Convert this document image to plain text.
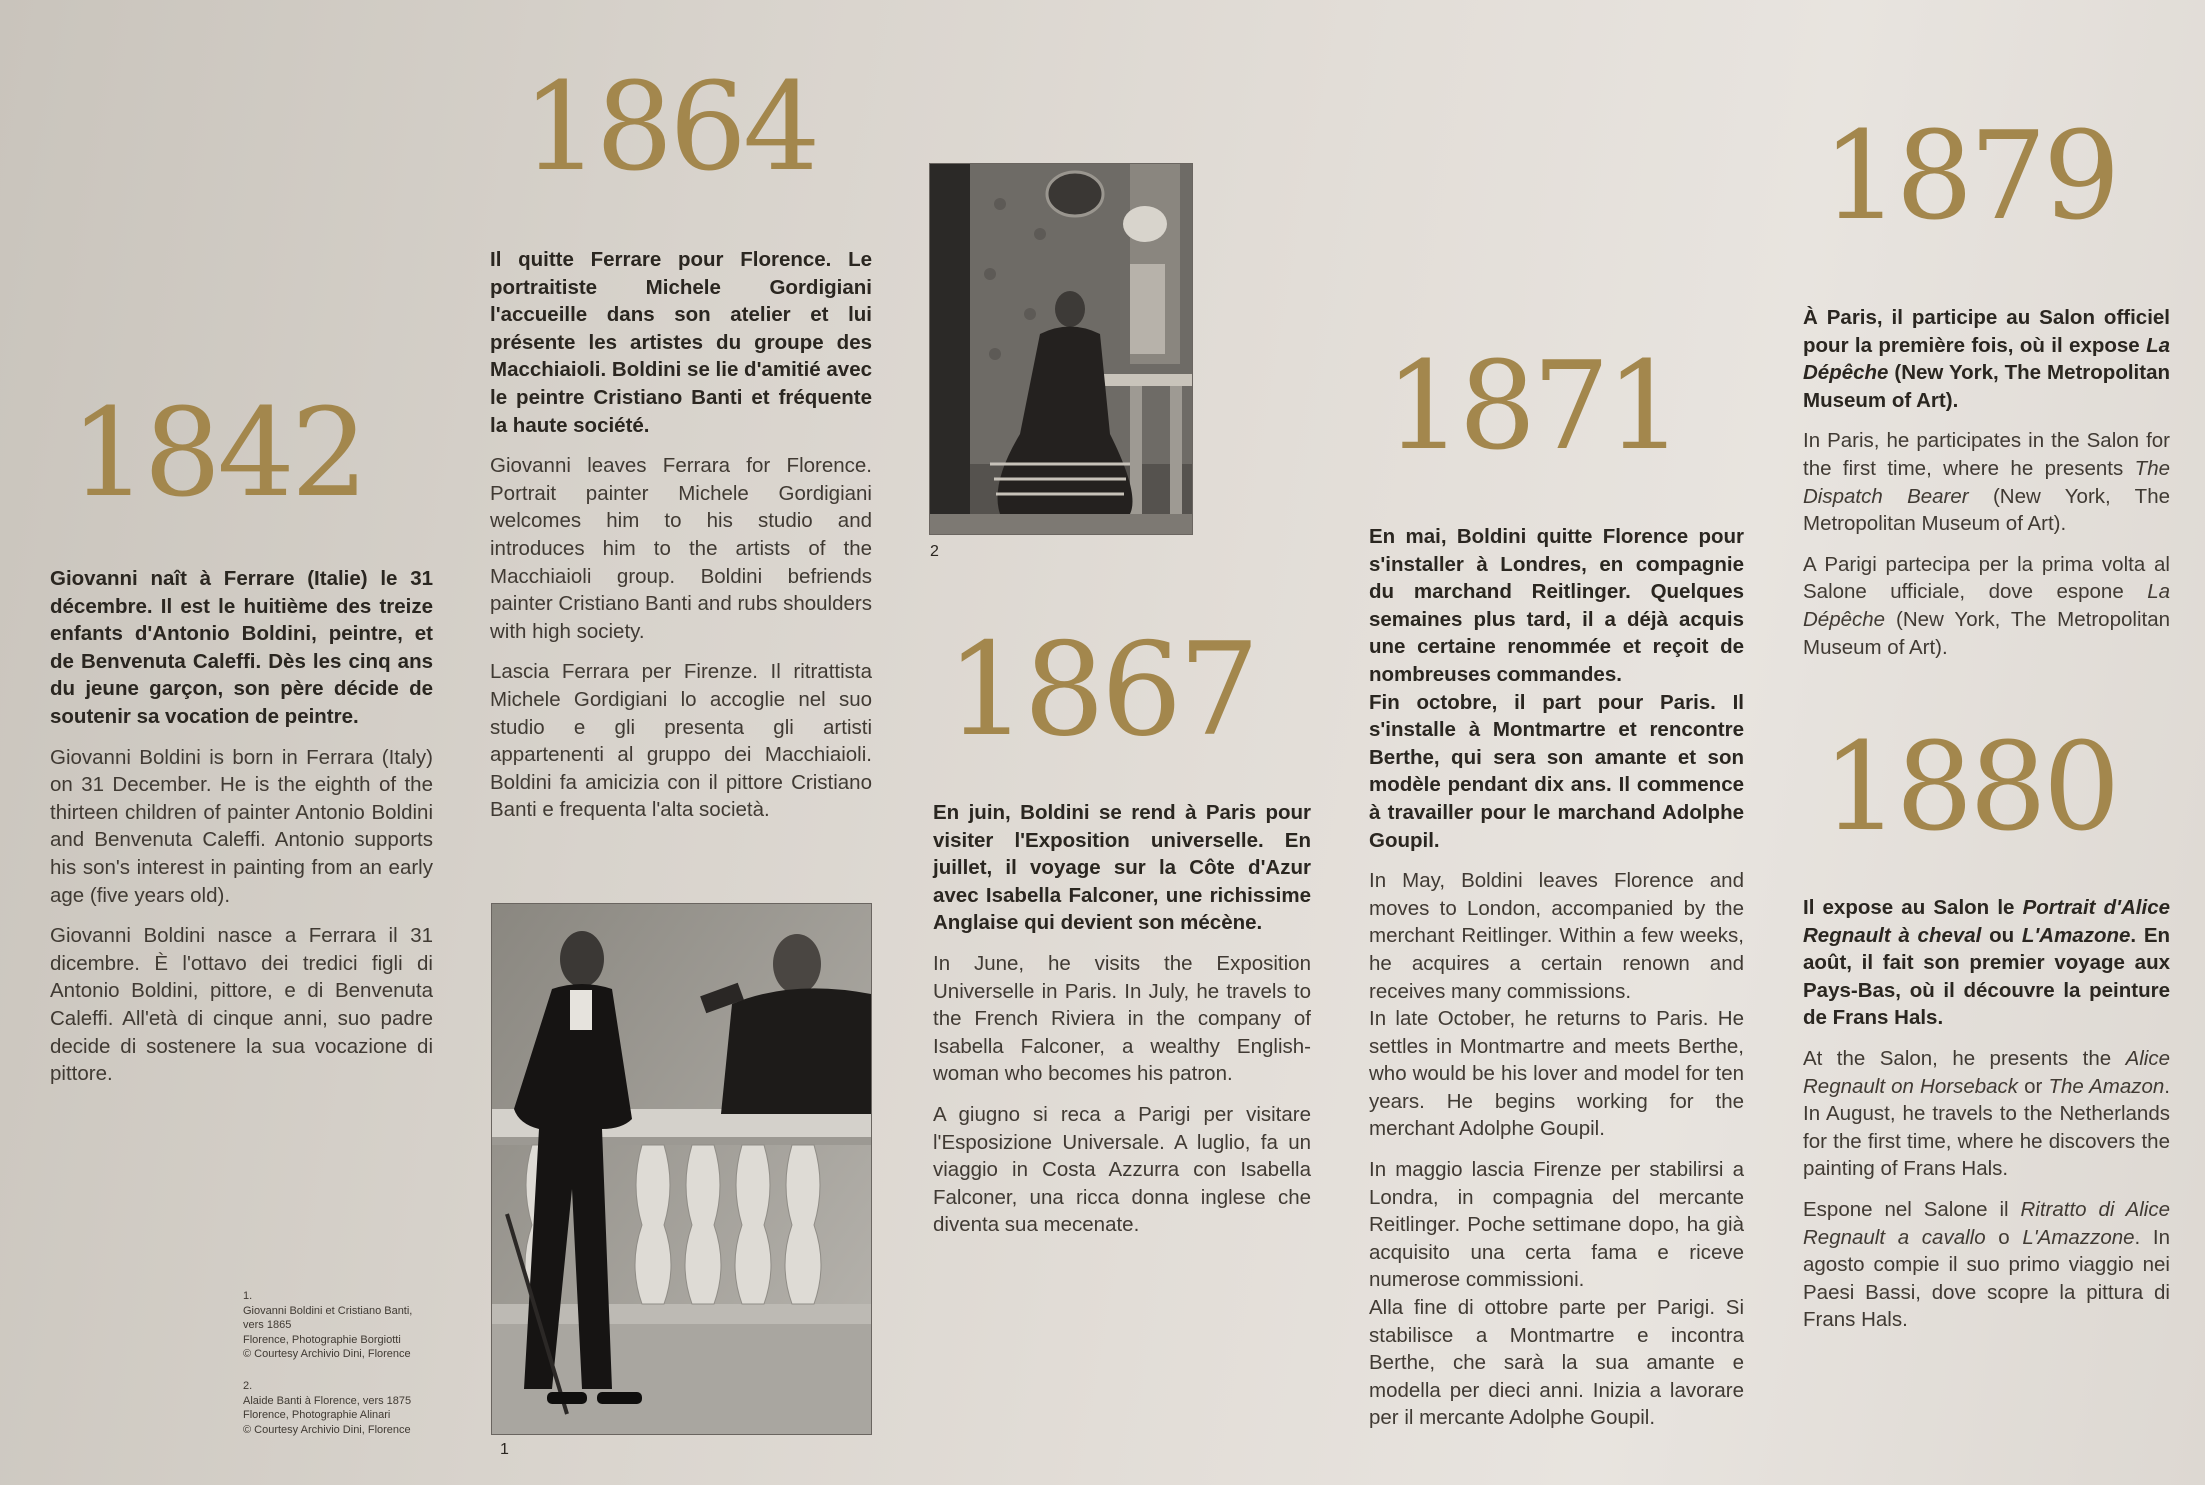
1842

Giovanni naît à Ferrare (Italie) le 31 décembre. Il est le huitième des treize enfants d'Antonio Boldini, peintre, et de Benvenuta Caleffi. Dès les cinq ans du jeune garçon, son père décide de soutenir sa vocation de peintre.

Giovanni Boldini is born in Ferrara (Italy) on 31 December. He is the eighth of the thirteen children of painter Antonio Boldini and Benvenuta Caleffi. Antonio supports his son's interest in painting from an early age (five years old).

Giovanni Boldini nasce a Ferrara il 31 dicembre. È l'ottavo dei tredici figli di Antonio Boldini, pittore, e di Benvenuta Caleffi. All'età di cinque anni, suo padre decide di sostenere la sua vocazione di pittore.

1.
Giovanni Boldini et Cristiano Banti,
vers 1865
Florence, Photographie Borgiotti
© Courtesy Archivio Dini, Florence
2.
Alaide Banti à Florence, vers 1875
Florence, Photographie Alinari
© Courtesy Archivio Dini, Florence
1864

Il quitte Ferrare pour Florence. Le portraitiste Michele Gordigiani l'accueille dans son atelier et lui présente les artistes du groupe des Macchiaioli. Boldini se lie d'amitié avec le peintre Cristiano Banti et fréquente la haute société.

Giovanni leaves Ferrara for Florence. Portrait painter Michele Gordigiani welcomes him to his studio and introduces him to the artists of the Macchiaioli group. Boldini befriends painter Cristiano Banti and rubs shoulders with high society.

Lascia Ferrara per Firenze. Il ritrattista Michele Gordigiani lo accoglie nel suo studio e gli presenta gli artisti appartenenti al gruppo dei Macchiaioli. Boldini fa amicizia con il pittore Cristiano Banti e frequenta l'alta società.

1
2
1867

En juin, Boldini se rend à Paris pour visiter l'Exposition universelle. En juillet, il voyage sur la Côte d'Azur avec Isabella Falconer, une richissime Anglaise qui devient son mécène.

In June, he visits the Exposition Universelle in Paris. In July, he travels to the French Riviera in the company of Isabella Falconer, a wealthy English-woman who becomes his patron.

A giugno si reca a Parigi per visitare l'Esposizione Universale. A luglio, fa un viaggio in Costa Azzurra con Isabella Falconer, una ricca donna inglese che diventa sua mecenate.

1871

En mai, Boldini quitte Florence pour s'installer à Londres, en compagnie du marchand Reitlinger. Quelques semaines plus tard, il a déjà acquis une certaine renommée et reçoit de nombreuses commandes.

Fin octobre, il part pour Paris. Il s'installe à Montmartre et rencontre Berthe, qui sera son amante et son modèle pendant dix ans. Il commence à travailler pour le marchand Adolphe Goupil.

In May, Boldini leaves Florence and moves to London, accompanied by the merchant Reitlinger. Within a few weeks, he acquires a certain renown and receives many commissions.

In late October, he returns to Paris. He settles in Montmartre and meets Berthe, who would be his lover and model for ten years. He begins working for the merchant Adolphe Goupil.

In maggio lascia Firenze per stabilirsi a Londra, in compagnia del mercante Reitlinger. Poche settimane dopo, ha già acquisito una certa fama e riceve numerose commissioni.

Alla fine di ottobre parte per Parigi. Si stabilisce a Montmartre e incontra Berthe, che sarà la sua amante e modella per dieci anni. Inizia a lavorare per il mercante Adolphe Goupil.

1879

À Paris, il participe au Salon officiel pour la première fois, où il expose La Dépêche (New York, The Metropolitan Museum of Art).

In Paris, he participates in the Salon for the first time, where he presents The Dispatch Bearer (New York, The Metropolitan Museum of Art).

A Parigi partecipa per la prima volta al Salone ufficiale, dove espone La Dépêche (New York, The Metropolitan Museum of Art).

1880

Il expose au Salon le Portrait d'Alice Regnault à cheval ou L'Amazone. En août, il fait son premier voyage aux Pays-Bas, où il découvre la peinture de Frans Hals.

At the Salon, he presents the Alice Regnault on Horseback or The Amazon. In August, he travels to the Netherlands for the first time, where he discovers the painting of Frans Hals.

Espone nel Salone il Ritratto di Alice Regnault a cavallo o L'Amazzone. In agosto compie il suo primo viaggio nei Paesi Bassi, dove scopre la pittura di Frans Hals.
